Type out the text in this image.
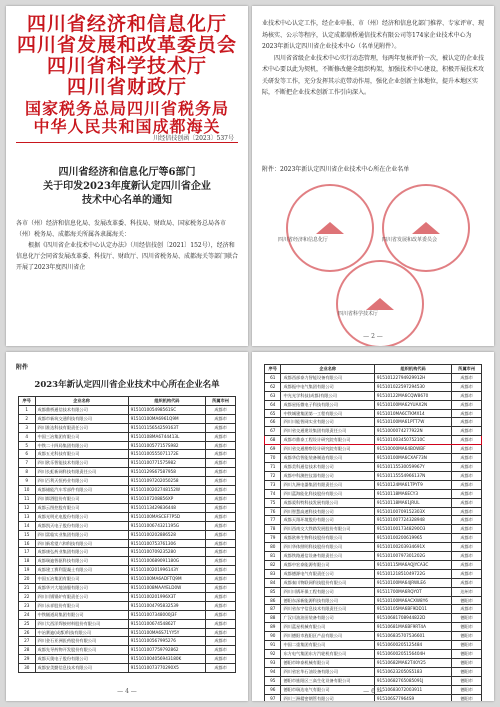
四川省经济和信息化厅
四川省发展和改革委员会
四川省科学技术厅
四川省财政厅
国家税务总局四川省税务局
中华人民共和国成都海关
川经信技创函〔2023〕537号
四川省经济和信息化厅等6部门
关于印发2023年度新认定四川省企业
技术中心名单的通知
各市（州）经济和信息化局、发展改革委、科技局、财政局、国家税务总局各市（州）税务局、成都海关所属各隶属海关：
　　根据《四川省企业技术中心认定办法》（川经信技创〔2021〕152号），经济和信息化厅会同省发展改革委、科技厅、财政厅、四川省税务局、成都海关等部门联合开展了2023年度四川省企
业技术中心认定工作，经企业申报、市（州）经济和信息化部门推荐、专家评审、现场核实、公示等程序，认定成都鼎桥通信技术有限公司等174家企业技术中心为2023年新认定四川省企业技术中心（名单见附件）。
　　四川省省级企业技术中心实行动态管理，每两年复核评价一次，被认定的企业技术中心要以此为契机，不断修改健全组织构架，加强技术中心建设，积极开展技术攻关研发等工作，充分发挥其示范带动作用，强化企业创新主体地位，提升本地区实际，不断把企业技术创新工作引向深入。
附件：2023年新认定四川省企业技术中心所在企业名单
四川省经济和信息化厅	四川省发展和改革委员会
四川省科学技术厅
— 2 —
附件
2023年新认定四川省企业技术中心所在企业名单
序号	企业名称	组织机构代码	所属市州
1	成都鼎桥通信技术有限公司	915101005498561SC	成都市
2	成都市新筑交通科技有限公司	91510100MA6961Q9M	成都市
3	四川准达科技有限责任公司	91510115654259163T	成都市
4	中国三冶集团有限公司	91510108MA6744413L	成都市
5	中铁二十四局集团有限公司	91510100577157S982	成都市
6	成都五光科技有限公司	91510100555071172E	成都市
7	四川欧乐智能技术有限公司	91510100771575982	成都市
8	四川长虹新网科技有限责任公司	91510129S67587958	成都市
9	四川百利天恒药业有限公司	915101097202050258	成都市
10	成都储能汽车零部件有限公司	91510100202748152W	成都市
11	四川郎酒股份有限公司	91510107208856XP	成都市
12	成都云图控股有限公司	91510113429836448	成都市
13	成都光明光电股份有限公司	91510100MASCEF7P5D	成都市
14	成都凯天电子股份有限公司	91510100674321195G	成都市
15	四川富临实业集团有限公司	91510100202886528	成都市
16	四川新希望六和科技有限公司	91510100753761306	成都市
17	成都康弘药业集团有限公司	91510100709235280	成都市
18	成都瑞迪智驱科技有限公司	91510100689091180G	成都市
19	成都建工赛利混凝土有限公司	91510100201996143Y	成都市
20	中国五冶集团有限公司	91510100MA6ADFTQ9M	成都市
21	成都华兴大地油服有限公司	915101008MAAYELD0W	成都市
22	四川川锅锅炉有限责任公司	91510100201996X3T	成都市
23	四川永祥股份有限公司	915101004795832539	成都市
24	中铁隧道局集团有限公司	915101007348000J3F	成都市
25	四川大西洋焊接材料股份有限公司	9151010067454862T	成都市
26	中冶赛迪(成都)科技有限公司	91510100MA6S71YY5Y	成都市
27	四川金石亚洲医药股份有限公司	91510100567995276	成都市
28	成都先导药物开发股份有限公司	915101007759792862	成都市
29	成都天奥电子股份有限公司	915101004056943180K	成都市
30	成都安美勤信息技术有限公司	9151010073770290X5	成都市
— 4 —
序号	企业名称	组织机构代码	所属市州
61	成都西部泰力智能设备有限公司	91510122794929912H	成都市
62	成都振中电气集团有限公司	915101022597294530	成都市
63	中光光学科技(成都)有限公司	91510122MA6CQW8670	成都市
64	成都星拓微电子科技有限公司	91510100MA62YUAX2N	成都市
65	中铁城建集团第一工程有限公司	9151010MA6CTKMX14	成都市
66	四川川能智网实业有限公司	91510100MA61PTT7W	成都市
67	四川省交通建设集团有限责任公司	9151000074277922N	成都市
68	成都市鼎泰工程设计研究院有限公司	91510100345075210C	成都市
69	四川省交通勘察设计研究院有限公司	91510000MA64BOWBF	成都市
70	成都华信智能装备制造有限公司	91510100MA6CXAF73N	成都市
71	成都美科通信技术有限公司	91510115530059967Y	成都市
72	成都中科测控仪器有限公司	91510115554966137N	成都市
73	四川九洲电器集团有限责任公司	91510124MA61TPYT9	成都市
74	四川蓝海能化科技股份有限公司	91510118MA6ECY3	成都市
75	成都爱科特科技发展有限公司	91510118MA61JRUL	成都市
76	四川智慧高速科技有限公司	91510100709152303X	成都市
77	成都天翔环境股份有限公司	915101007724328948	成都市
78	四川西南交大铁路发展股份有限公司	9151010017348290O3	成都市
79	成都欧林生物科技股份有限公司	91510100200619965	成都市
80	四川华体照明科技股份有限公司	91510100203934691X	成都市
81	成都铁路通信设备有限责任公司	91510100797301202G	成都市
82	成都中宏泰能源有限公司	91510115MA6AQJYCA3C	成都市
83	成都德源电气有限责任公司	91510121851049722G	成都市
84	成都秦川物联网科技股份有限公司	91510100MA64JRWLE6	成都市
85	四川川锅环保工程有限公司	91511700MA6RQYOT	达州市
86	德阳东深新能源科技有限公司	91510100MA6ACXW8Y6	德阳市
87	四川省东宇信息技术有限责任公司	91510105MA6BF9DD11	成都市
88	广汉川油油田装备有限公司	91510681708944822D	德阳市
89	四川蓝星机械有限公司	91510681MA6BF9RT4A	德阳市
90	四川德阳市旌阳区产品有限公司	915106835707536601	德阳市
91	中国二重集团有限公司	91510600205125484	德阳市
92	东方电气集团东方汽轮机有限公司	91510600205156404H	德阳市
93	德阳市坤泰机械有限公司	91510682MA62T40Y25	德阳市
94	四川省宏华石油设备有限公司	915106232050S5183	德阳市
95	德阳市旌阳区三高生化设备有限公司	91510682765085091J	德阳市
96	德阳市瑞达电气有限公司	91510683072003911	德阳市
97	四川三洲精密钢管有限公司	915106S77964S9	德阳市
— 6 —
